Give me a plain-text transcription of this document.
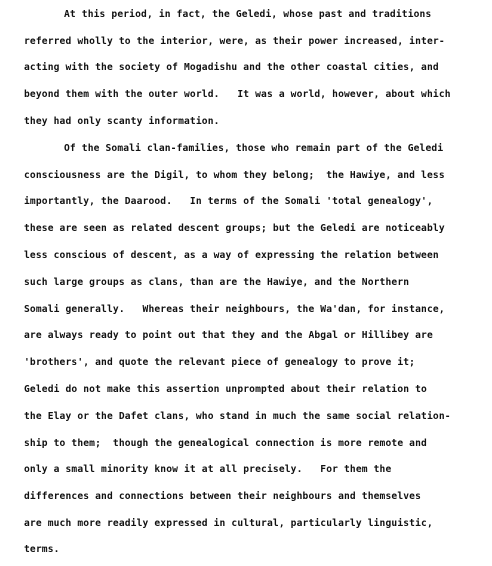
At this period, in fact, the Geledi, whose past and traditions
referred wholly to the interior, were, as their power increased, inter-
acting with the society of Mogadishu and the other coastal cities, and
beyond them with the outer world.   It was a world, however, about which
they had only scanty information.
Of the Somali clan-families, those who remain part of the Geledi
consciousness are the Digil, to whom they belong;  the Hawiye, and less
importantly, the Daarood.   In terms of the Somali 'total genealogy',
these are seen as related descent groups; but the Geledi are noticeably
less conscious of descent, as a way of expressing the relation between
such large groups as clans, than are the Hawiye, and the Northern
Somali generally.   Whereas their neighbours, the Wa'dan, for instance,
are always ready to point out that they and the Abgal or Hillibey are
'brothers', and quote the relevant piece of genealogy to prove it;
Geledi do not make this assertion unprompted about their relation to
the Elay or the Dafet clans, who stand in much the same social relation-
ship to them;  though the genealogical connection is more remote and
only a small minority know it at all precisely.   For them the
differences and connections between their neighbours and themselves
are much more readily expressed in cultural, particularly linguistic,
terms.
